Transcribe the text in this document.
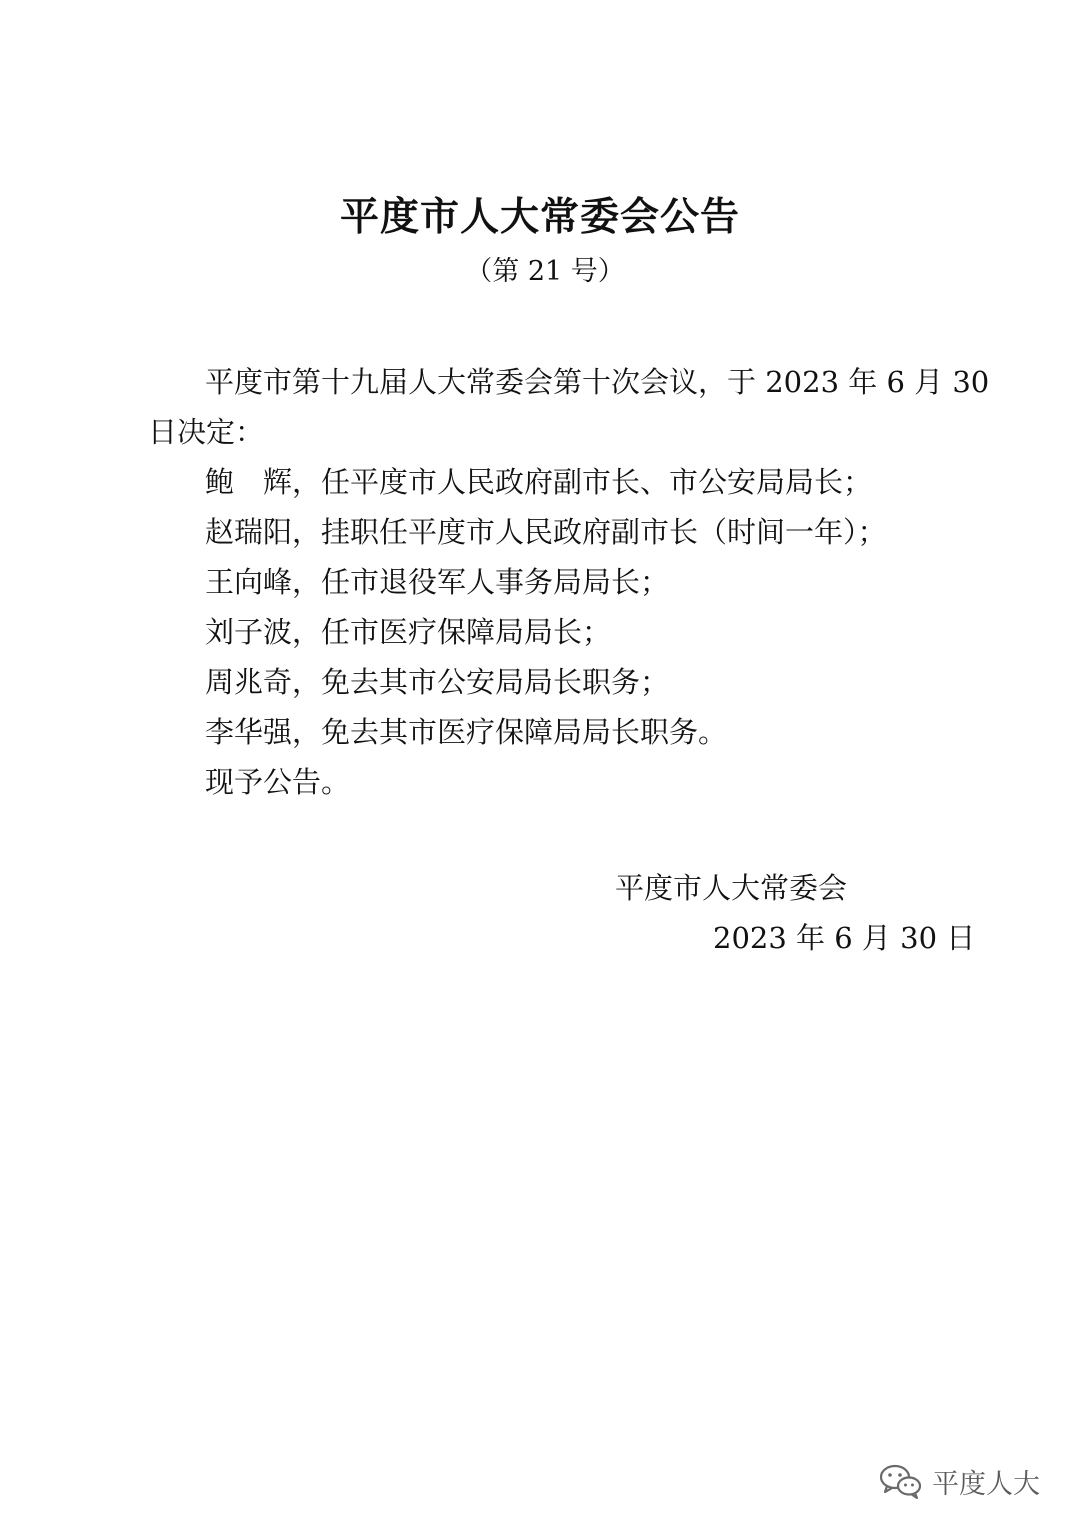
平度市人大常委会公告
（第 21 号）
平度市第十九届人大常委会第十次会议，于 2023 年 6 月 30
日决定：
鲍　辉，任平度市人民政府副市长、市公安局局长；
赵瑞阳，挂职任平度市人民政府副市长（时间一年）；
王向峰，任市退役军人事务局局长；
刘子波，任市医疗保障局局长；
周兆奇，免去其市公安局局长职务；
李华强，免去其市医疗保障局局长职务。
现予公告。
平度市人大常委会
2023 年 6 月 30 日
平度人大
